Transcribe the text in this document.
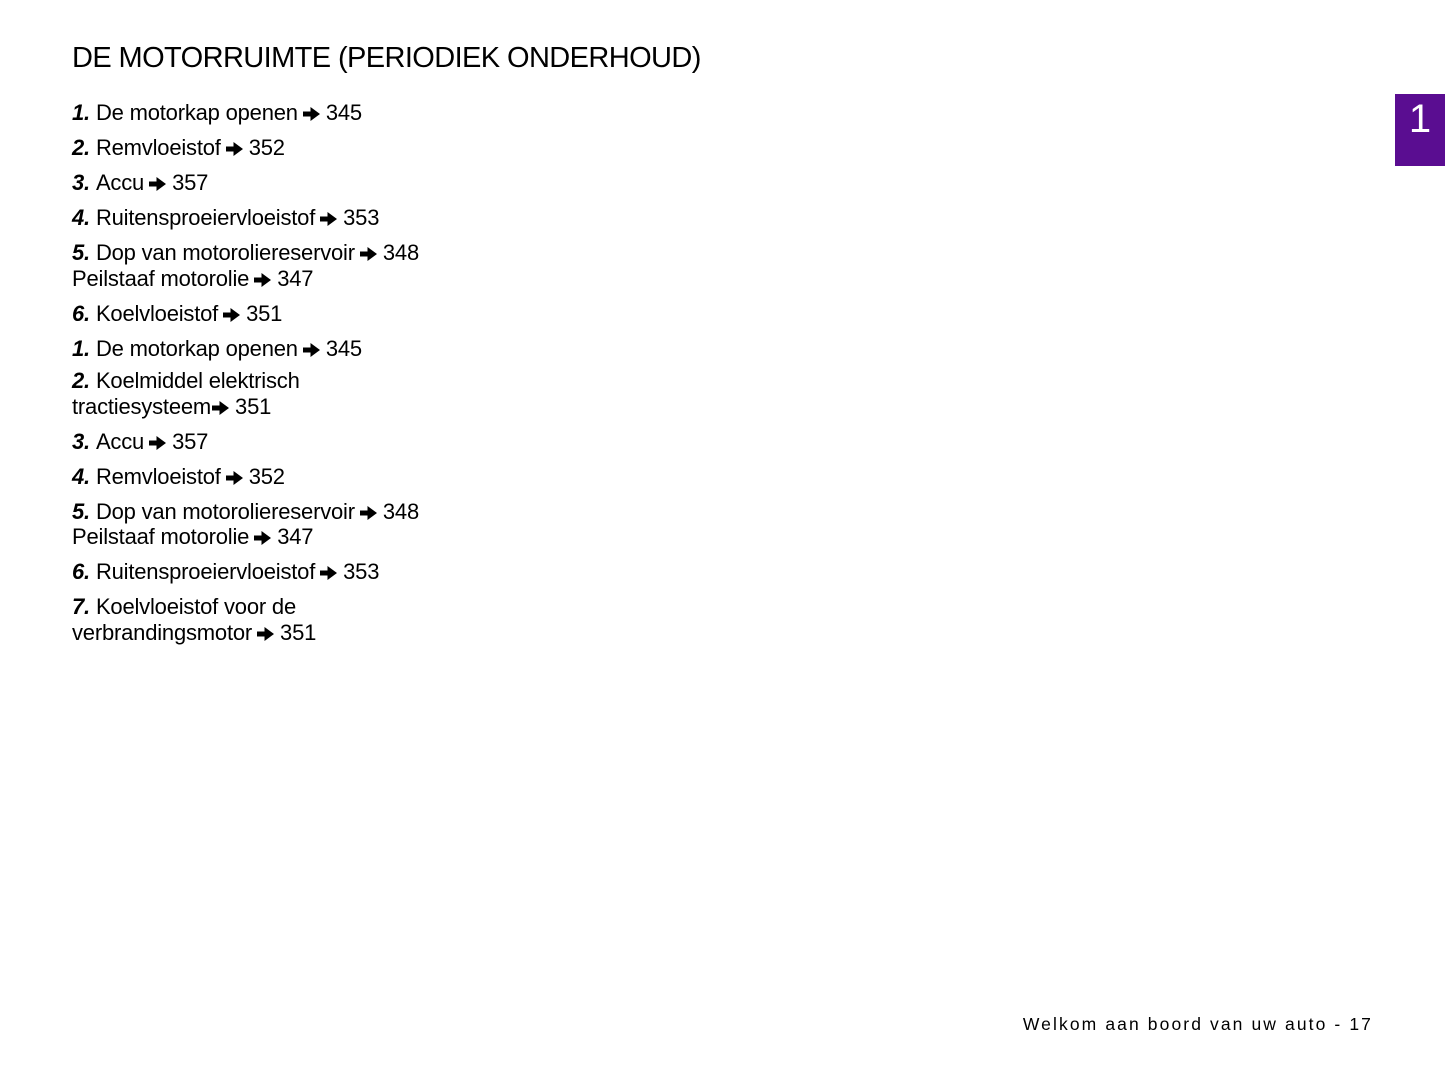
DE MOTORRUIMTE (PERIODIEK ONDERHOUD)
1
1. De motorkap openen 345
2. Remvloeistof 352
3. Accu 357
4. Ruitensproeiervloeistof 353
5. Dop van motoroliereservoir 348
Peilstaaf motorolie 347
6. Koelvloeistof 351
1. De motorkap openen 345
2. Koelmiddel elektrisch tractiesysteem 351
3. Accu 357
4. Remvloeistof 352
5. Dop van motoroliereservoir 348
Peilstaaf motorolie 347
6. Ruitensproeiervloeistof 353
7. Koelvloeistof voor de verbrandingsmotor 351
Welkom aan boord van uw auto - 17
